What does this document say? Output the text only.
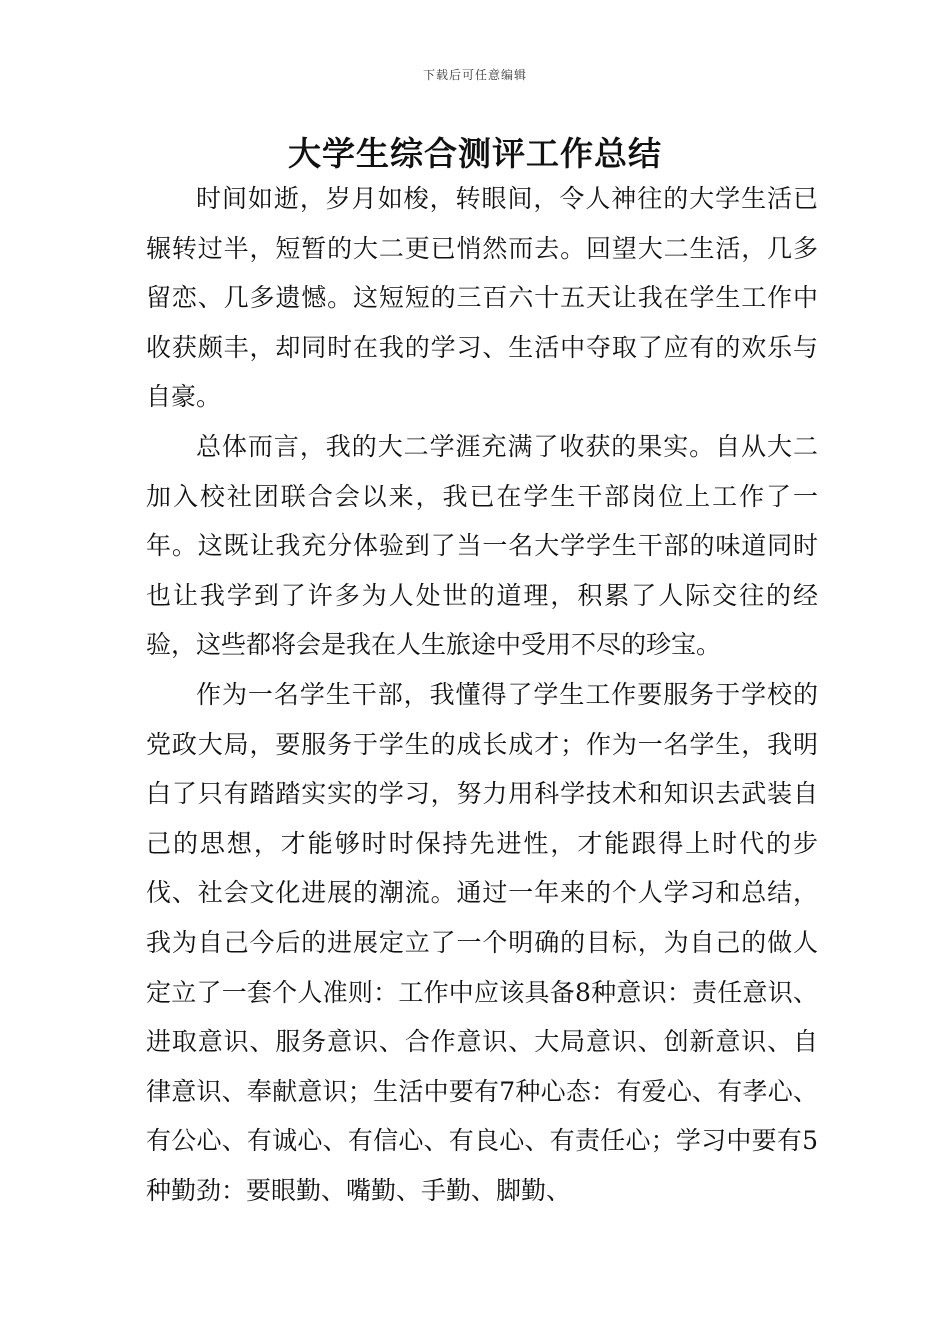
下载后可任意编辑
大学生综合测评工作总结

时间如逝，岁月如梭，转眼间，令人神往的大学生活已辗转过半，短暂的大二更已悄然而去。回望大二生活，几多留恋、几多遗憾。这短短的三百六十五天让我在学生工作中收获颇丰，却同时在我的学习、生活中夺取了应有的欢乐与自豪。

总体而言，我的大二学涯充满了收获的果实。自从大二加入校社团联合会以来，我已在学生干部岗位上工作了一年。这既让我充分体验到了当一名大学学生干部的味道同时也让我学到了许多为人处世的道理，积累了人际交往的经验，这些都将会是我在人生旅途中受用不尽的珍宝。

作为一名学生干部，我懂得了学生工作要服务于学校的党政大局，要服务于学生的成长成才；作为一名学生，我明白了只有踏踏实实的学习，努力用科学技术和知识去武装自己的思想，才能够时时保持先进性，才能跟得上时代的步伐、社会文化进展的潮流。通过一年来的个人学习和总结，我为自己今后的进展定立了一个明确的目标，为自己的做人定立了一套个人准则：工作中应该具备8种意识：责任意识、进取意识、服务意识、合作意识、大局意识、创新意识、自律意识、奉献意识；生活中要有7种心态：有爱心、有孝心、有公心、有诚心、有信心、有良心、有责任心；学习中要有5种勤劲：要眼勤、嘴勤、手勤、脚勤、
